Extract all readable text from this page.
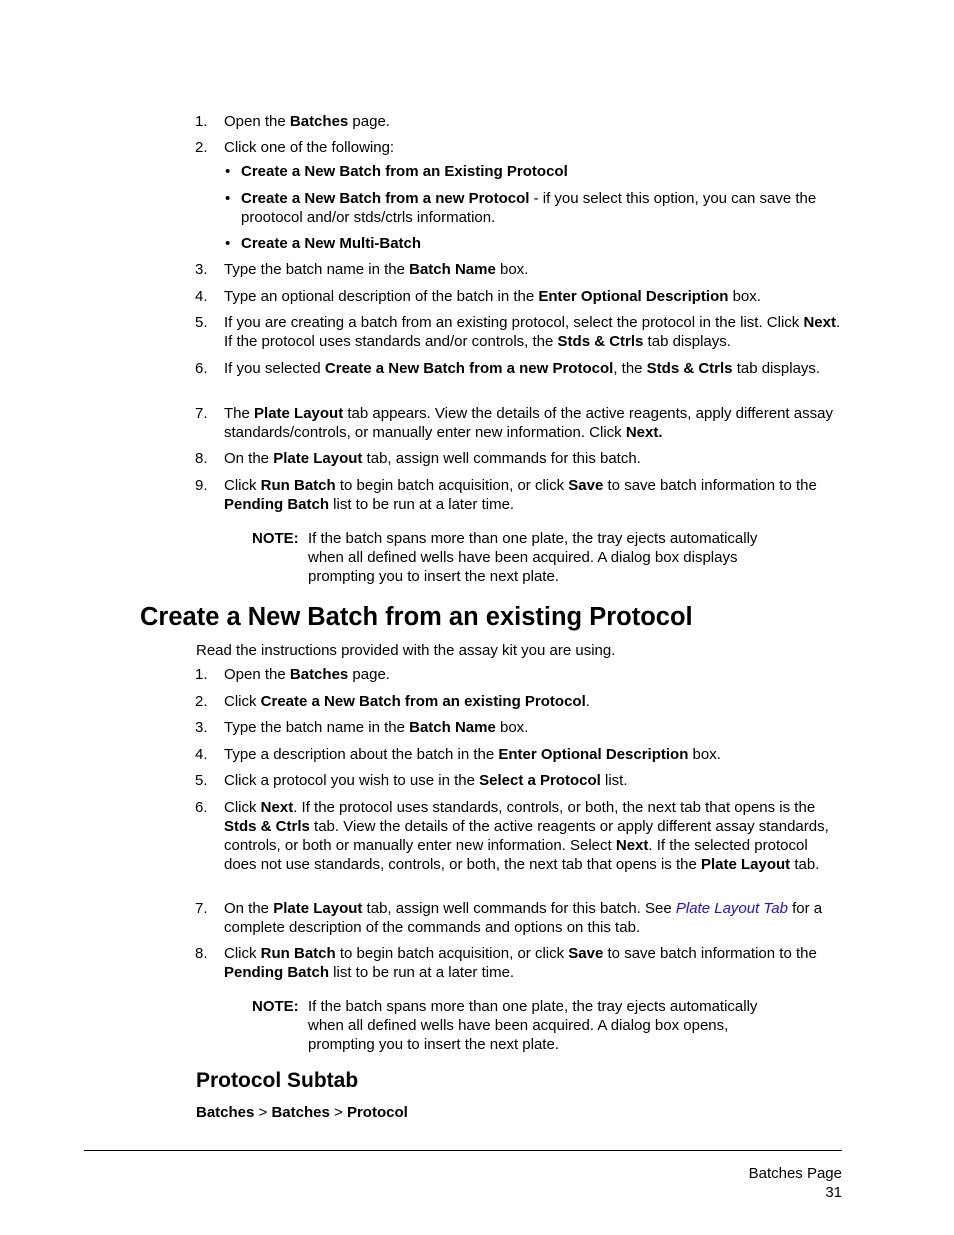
1.	Open the Batches page.
2.	Click one of the following:
• Create a New Batch from an Existing Protocol
• Create a New Batch from a new Protocol - if you select this option, you can save the prootocol and/or stds/ctrls information.
• Create a New Multi-Batch
3.	Type the batch name in the Batch Name box.
4.	Type an optional description of the batch in the Enter Optional Description box.
5.	If you are creating a batch from an existing protocol, select the protocol in the list. Click Next. If the protocol uses standards and/or controls, the Stds & Ctrls tab displays.
6.	If you selected Create a New Batch from a new Protocol, the Stds & Ctrls tab displays.
7.	The Plate Layout tab appears. View the details of the active reagents, apply different assay standards/controls, or manually enter new information. Click Next.
8.	On the Plate Layout tab, assign well commands for this batch.
9.	Click Run Batch to begin batch acquisition, or click Save to save batch information to the Pending Batch list to be run at a later time.
NOTE: If the batch spans more than one plate, the tray ejects automatically when all defined wells have been acquired. A dialog box displays prompting you to insert the next plate.
Create a New Batch from an existing Protocol
Read the instructions provided with the assay kit you are using.
1.	Open the Batches page.
2.	Click Create a New Batch from an existing Protocol.
3.	Type the batch name in the Batch Name box.
4.	Type a description about the batch in the Enter Optional Description box.
5.	Click a protocol you wish to use in the Select a Protocol list.
6.	Click Next. If the protocol uses standards, controls, or both, the next tab that opens is the Stds & Ctrls tab. View the details of the active reagents or apply different assay standards, controls, or both or manually enter new information. Select Next. If the selected protocol does not use standards, controls, or both, the next tab that opens is the Plate Layout tab.
7.	On the Plate Layout tab, assign well commands for this batch. See Plate Layout Tab for a complete description of the commands and options on this tab.
8.	Click Run Batch to begin batch acquisition, or click Save to save batch information to the Pending Batch list to be run at a later time.
NOTE: If the batch spans more than one plate, the tray ejects automatically when all defined wells have been acquired. A dialog box opens, prompting you to insert the next plate.
Protocol Subtab
Batches > Batches > Protocol
Batches Page
31
